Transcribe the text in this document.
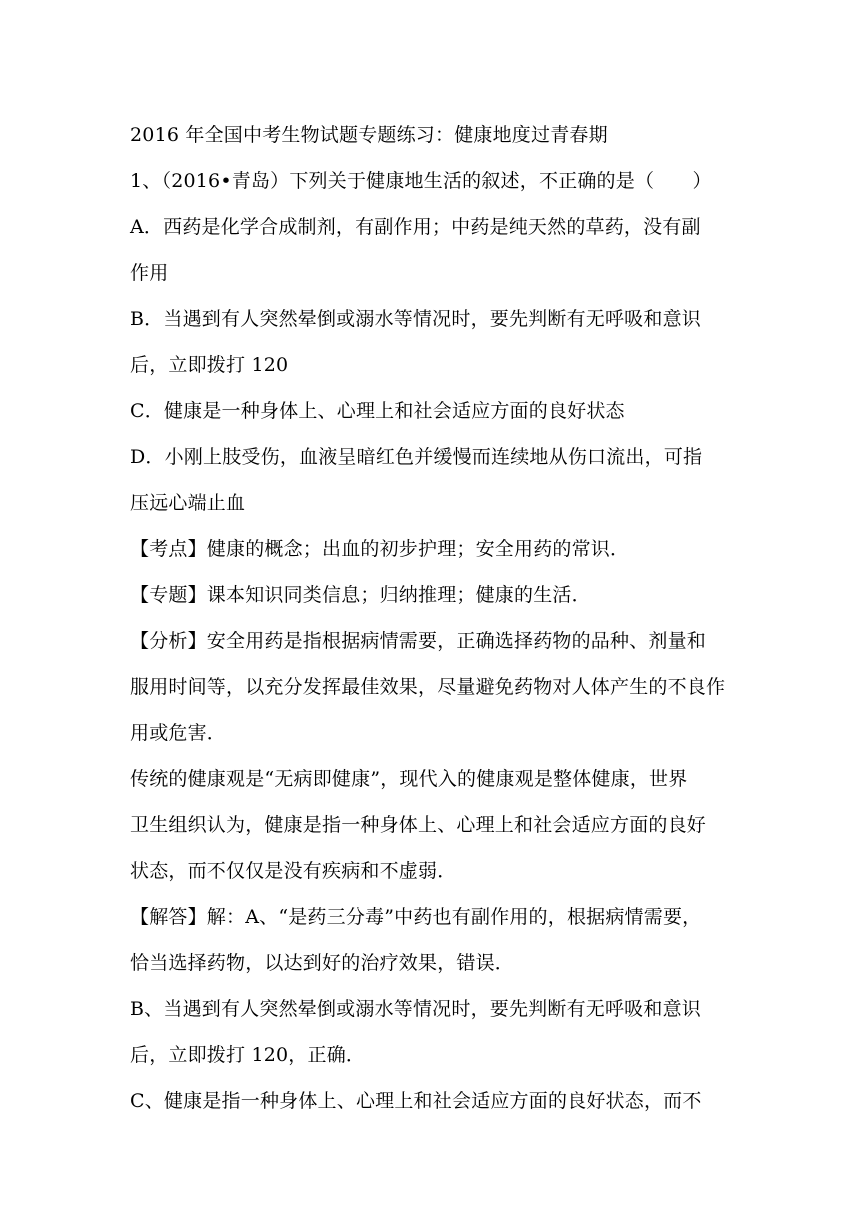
2016 年全国中考生物试题专题练习：健康地度过青春期
1、（2016•青岛）下列关于健康地生活的叙述，不正确的是（　　）
A．西药是化学合成制剂，有副作用；中药是纯天然的草药，没有副
作用
B．当遇到有人突然晕倒或溺水等情况时，要先判断有无呼吸和意识
后，立即拨打 120
C．健康是一种身体上、心理上和社会适应方面的良好状态
D．小刚上肢受伤，血液呈暗红色并缓慢而连续地从伤口流出，可指
压远心端止血
【考点】健康的概念；出血的初步护理；安全用药的常识．
【专题】课本知识同类信息；归纳推理；健康的生活．
【分析】安全用药是指根据病情需要，正确选择药物的品种、剂量和
服用时间等，以充分发挥最佳效果，尽量避免药物对人体产生的不良作
用或危害．
传统的健康观是“无病即健康”，现代入的健康观是整体健康，世界
卫生组织认为，健康是指一种身体上、心理上和社会适应方面的良好
状态，而不仅仅是没有疾病和不虚弱．
【解答】解：A、“是药三分毒”中药也有副作用的，根据病情需要，
恰当选择药物，以达到好的治疗效果，错误．
B、当遇到有人突然晕倒或溺水等情况时，要先判断有无呼吸和意识
后，立即拨打 120，正确．
C、健康是指一种身体上、心理上和社会适应方面的良好状态，而不
